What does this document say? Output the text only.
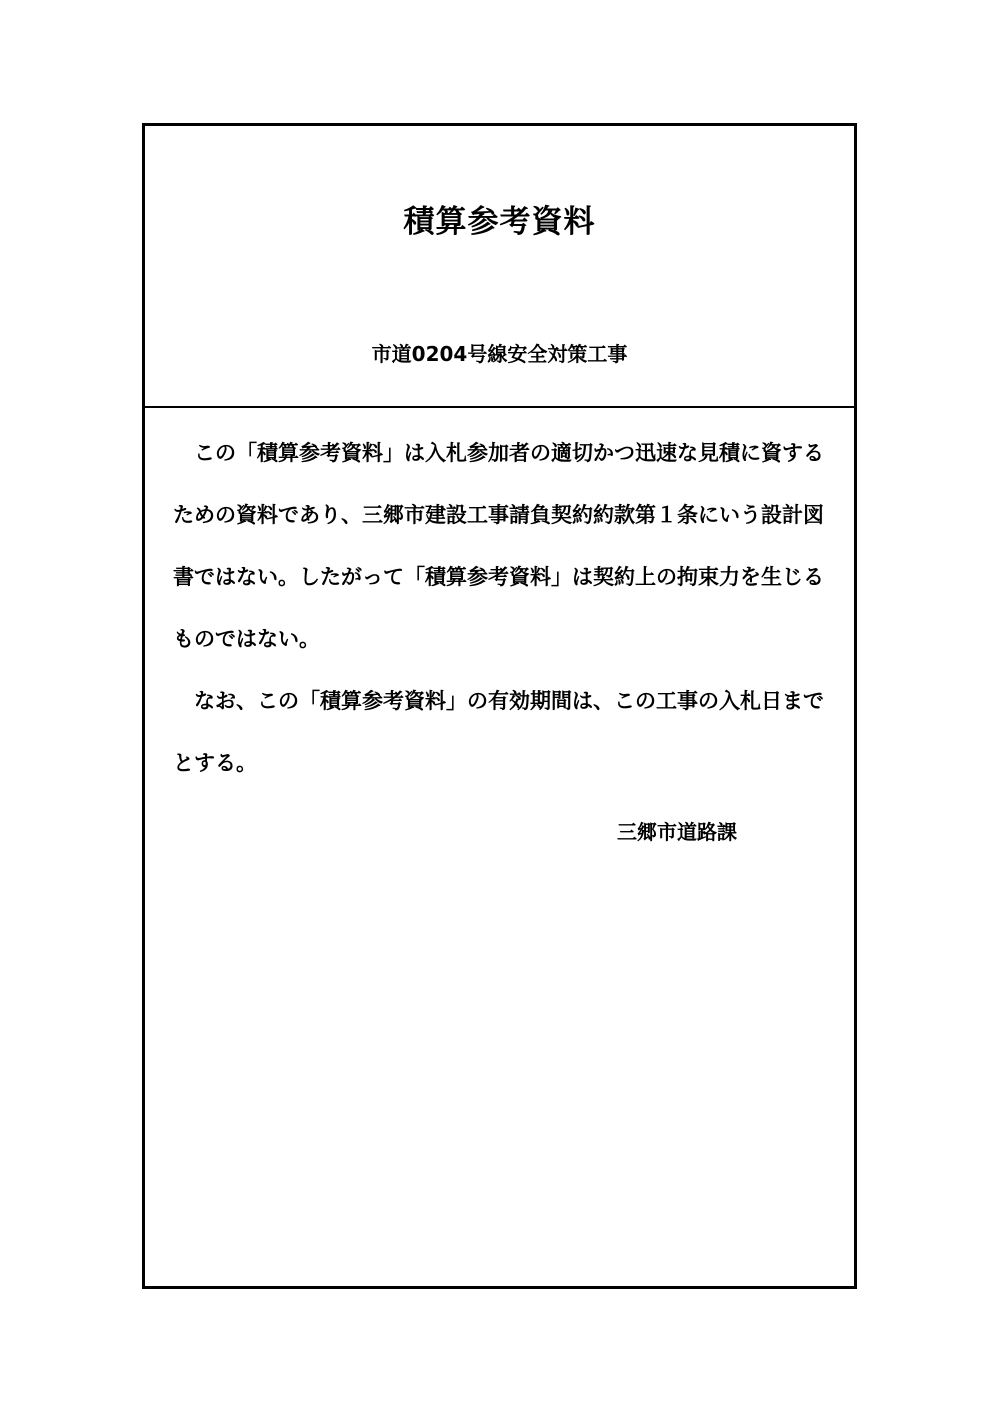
積算参考資料
市道0204号線安全対策工事

この「積算参考資料」は入札参加者の適切かつ迅速な見積に資するための資料であり、三郷市建設工事請負契約約款第１条にいう設計図書ではない。したがって「積算参考資料」は契約上の拘束力を生じるものではない。

なお、この「積算参考資料」の有効期間は、この工事の入札日までとする。

三郷市道路課
